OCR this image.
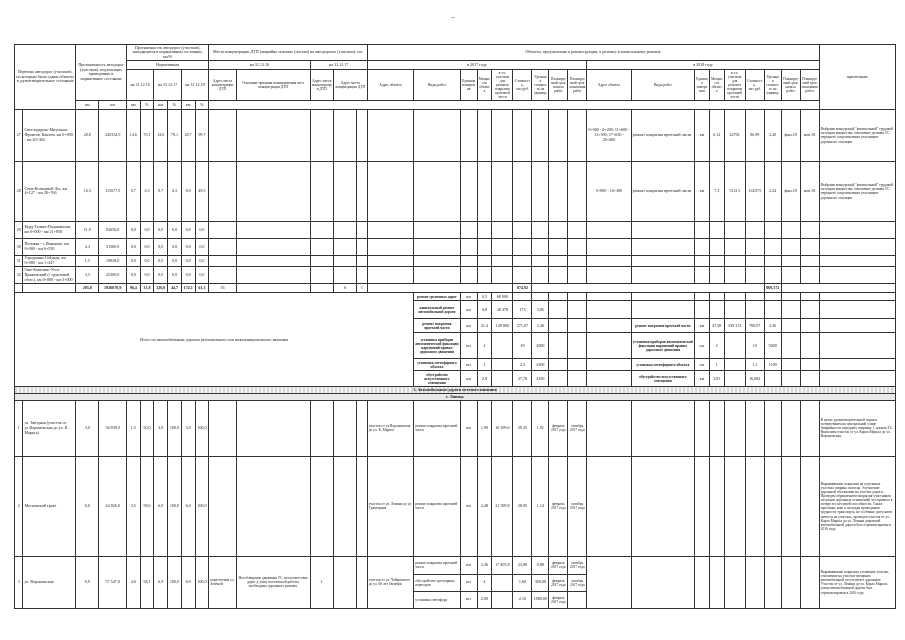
‒
Перечень автодорог (участков), по которым были сданы объекты в удовлетворительное состояние		Протяженность автодорог (участков), подлежащих приведению в нормативное состояние		Протяженность автодорог (участков), находящихся в нормативном состоянии, км/%						Места концентрации ДТП (аварийно опасные участки) на автодорогах (участках), шт.					Объекты, предлагаемые к реконструкции, к ремонту и капитальному ремонту																		примечание
				Нормативная						на 31.12.16		на 31.12.17			в 2017 году									в 2018 году									
				на 31.12.16		на 31.12.17		на 31.12.18		Адрес места концентрации ДТП	Основные причины возникновения мест концентрации ДТП	Адрес места концентрации ДТП	Адрес места концентрации ДТП		Адрес объекта	Виды работ	Единица измерения	Мощность объекта	в т.ч. участков для ремонта покрытия проезжей части	Стоимость, тыс.руб.	Удельная стоимость на единицу	Планируемый срок начала работ	Планируемый срок окончания работ	Адрес объекта	Виды работ	Единица измерения	Мощность объекта	в т.ч. участков для ремонта покрытия проезжей части	Стоимость, тыс.руб.	Удельная стоимость на единицу	Планируемый срок начала работ	Планируемый срок окончания работ	
		км	км	км	%	км	%	км	%																								
27	Светлодарско-Миусинск. Фронтов. Кантем. км 0+000 - км 20+362	20,8	245334,9	14,6	70,1	14,6	70,1	20,7	99,7															0+000 - 0+200; 11+600 - 13+500; 17+650 - 20+400	ремонт покрытия проезжей части	км	6,12	42701	06,99	2,20	фин.18	нов.18	Выбраны конкурсный "капитальный" трудовой ситуации множества, отношение деления ТС, переднего сопротивления участников дорожного ситуации
28	Семь-Кольцевой Луг, км 4+127 - км 20+766	16,3	115677,5	0,7	4,3	0,7	4,3	8,0	49,5															5+000 - 16+300	ремонт покрытия проезжей части	км	7,3	51213	114,075	2,24	фин.18	нов.18	Выбраны конкурсный "капитальный" трудовой ситуации множества, отношение деления ТС, переднего сопротивления участников дорожного ситуации
29	Курд-Талыш-Подшивалов, км 0+000 - км 21+858	11,9	82656,0	0,0	0,0	0,0	0,0	0,0	0,0																								
30	Поповка - с.Пьянково, км 0+000 - км 6+550	4,3	31500,0	0,0	0,0	0,0	0,0	0,0	0,0																								
31	Городишко-Гобундя, км 0+000 - км 1+447	1,5	19028,0	0,0	0,0	0,0	0,0	0,0	0,0																								
32	Оже-Ковалево-Усть-Пряженский (с грунтовой обоч.), км 0+000 - км 5+000	3,5	25200,0	0,0	0,0	0,0	0,0	0,0	0,0																								
		205,8	1926670,9	96,4	31,8	126,0	44,7	174,1	61,3	35			6	1						874,92										869,372			
Итого по автомобильным дорогам регионального или межмуниципального значения																ремонт грунтовых дорог	км	0,5	68 000														
																капитальный ремонт автомобильной дороги	км	6,8	48 478	173	3,85												
																ремонт покрытия проезжей части	км	21,4	149 800	271,67	2,40				ремонт покрытия проезжей части	км	47,58	339 313	700,07	2,36			
																установка приборов автоматической фиксации нарушений правил дорожного движения	шт	2		39	2000				установка приборов автоматической фиксации нарушений правил дорожного движения	шт	2		10	5000			
																установка светофорного объекта	шт	1		2,3	2300				установка светофорного объекта	шт	1		1,1	1100			
																обустройство искусственного освещения	км	2,8		27,70	4350				обустройство искусственного освещения	км	3,05		16,682				
3. Автомобильные дороги местного значения																																	
г. Липецк																																	
1	ул. Звёздная (участок от ул.Воронежская до ул. К. Маркса)	3,0	36 839,0	1,5	50,0	3,0	100,0	3,0	100,0						участок от ул.Воронежская до ул. К. Маркса	ремонт покрытия проезжей части	км	1,90	16 399,6	29,35	1,91	февраль 2017 года	октябрь 2017 года										В целях удовлетворительной оценки потерпевшим на центральной улице Аварийности переднего ширины, 1 этажом ТС. Выполнен участок от ул. Карла Маркса до ул. Воронежская.
2	Московский тракт	6,0	44 826,0	3,5	58,6	6,0	100,0	6,0	100,0						участок от ул. Ленина до ул. Тракторная	ремонт покрытия проезжей части	км	2,48	21 399,8	28,95	1,14	февраль 2017 года	октябрь 2017 года										Выравнивание покрытия на отдельных участках ширина полотна. Улучшение дорожной обстановки на участке дороги. Проведен обрамлением покрытия участников ситуации дорожных отношений, что привело к потере его несущей способности. Также проезжая, ямы в площади проводимые трудности транспорта, не особенно допускаем имеется на участках, проведен участок от ул. Карла Маркса до ул. Ленина дорожной автомобильной дороги был отремонтирован в 2016 году.
3	ул. Воронежская	6,9	57 547,0	4,0	58,1	6,9	100,0	6,9	100,0	пересечение ул. Зелёной	Несоблюдение движения ТС, несоответствие дорог д-улиц тополевской работы, необходимо дорожного режима.	1			участок от ул. Чайковского до ул. 60 лет Октября	ремонт покрытия проезжей части	км	2,36	17 405,8	23,90	0,88	февраль 2017 года	октябрь 2017 года										Выравнивание покрытия уточнение участка, отношение на участки трещинах автомобильной отсутствуют дорожные. Участок от ул. Ленина до ул. Карла Маркса, улица автомобильной дороги был отремонтирован в 2016 году.
																обустройство тротуарных переходов	шт	4		1,60	300,00	февраль 2017 года	октябрь 2017 года										
																установка светофора	шт	2,00		2,16	1080,00	февраль 2017 года											
